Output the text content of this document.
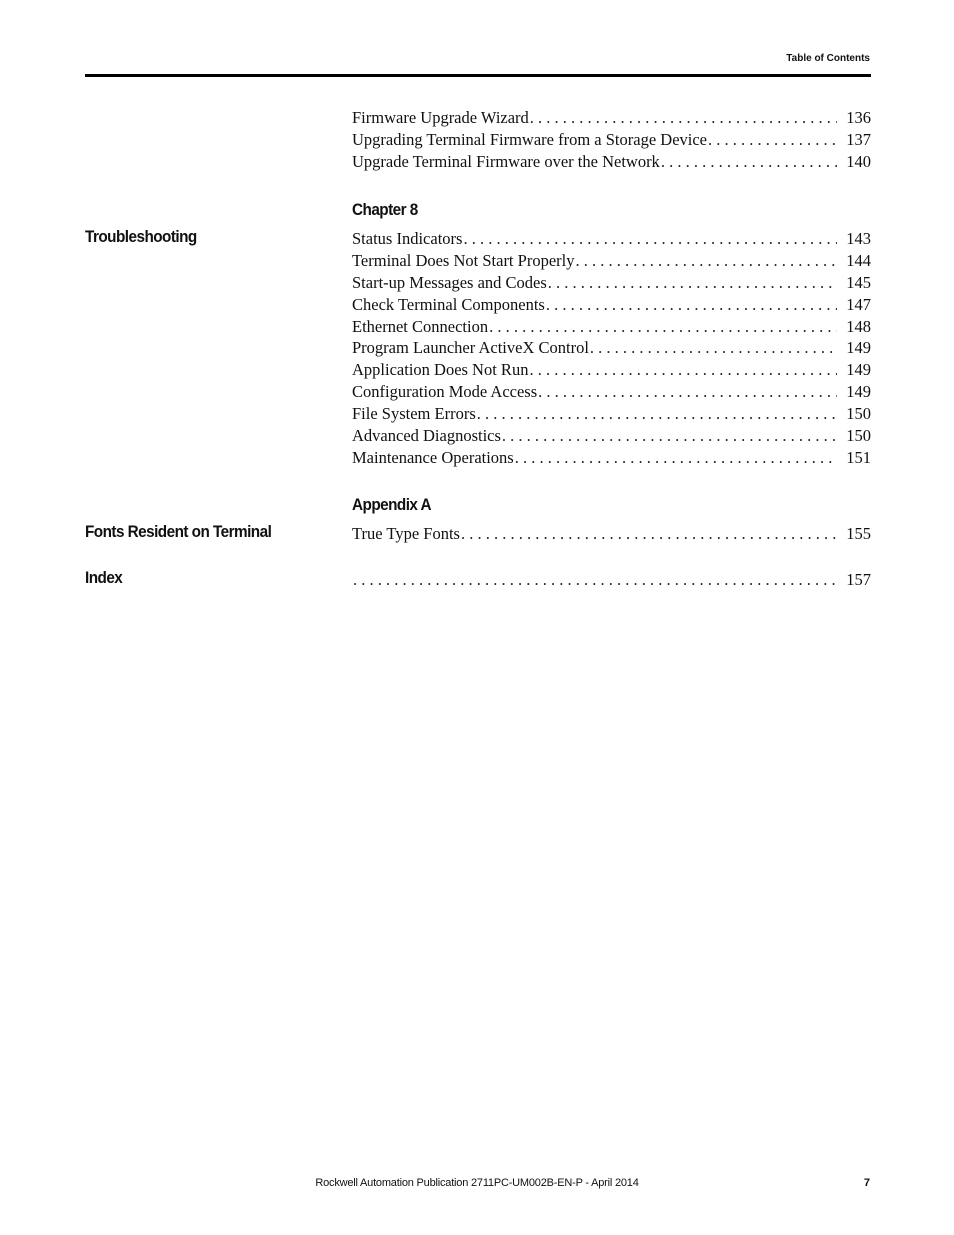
Table of Contents
Firmware Upgrade Wizard . . .	136
Upgrading Terminal Firmware from a Storage Device . . .	137
Upgrade Terminal Firmware over the Network . . .	140
Chapter 8
Troubleshooting	Status Indicators . . .	143
Terminal Does Not Start Properly . . .	144
Start-up Messages and Codes . . .	145
Check Terminal Components . . .	147
Ethernet Connection . . .	148
Program Launcher ActiveX Control . . .	149
Application Does Not Run . . .	149
Configuration Mode Access . . .	149
File System Errors . . .	150
Advanced Diagnostics . . .	150
Maintenance Operations . . .	151
Appendix A
Fonts Resident on Terminal	True Type Fonts . . .	155
Index . . .	157
Rockwell Automation Publication 2711PC-UM002B-EN-P - April 2014	7
